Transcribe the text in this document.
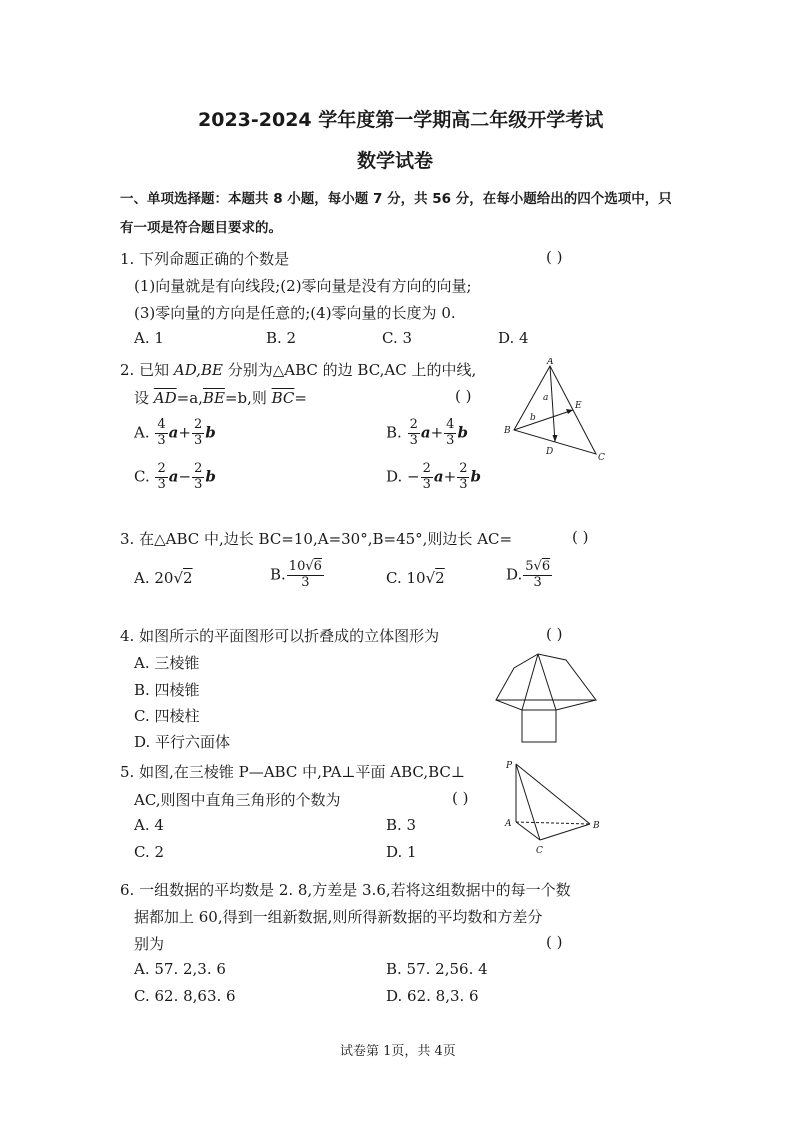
2023-2024 学年度第一学期高二年级开学考试
数学试卷
一、单项选择题：本题共 8 小题，每小题 7 分，共 56 分，在每小题给出的四个选项中，只
有一项是符合题目要求的。
1. 下列命题正确的个数是	( )
(1)向量就是有向线段;(2)零向量是没有方向的向量;
(3)零向量的方向是任意的;(4)零向量的长度为 0.
A. 1	B. 2	C. 3	D. 4
2. 已知 AD,BE 分别为△ABC 的边 BC,AC 上的中线,
设 $\overline{AD}=a,\overline{BE}=b$,则 $\overline{BC}=$	( )
A. $\frac{4}{3} a+ \frac{2}{3}$ b	B. $\frac{2}{3} a+ \frac{4}{3}$ b
C. $\frac{2}{3} a- \frac{2}{3}$ b	D. − $\frac{2}{3} a+ \frac{2}{3}$ b
A
B
C
D
E
a
b
3. 在△ABC 中,边长 BC=10,A=30°,B=45°,则边长 AC=	( )
A. 20√2	B. $\frac{10√6}{3}$	C. 10√2	D. $\frac{5√6}{3}$
4. 如图所示的平面图形可以折叠成的立体图形为	( )
A. 三棱锥
B. 四棱锥
C. 四棱柱
D. 平行六面体
5. 如图,在三棱锥 P—ABC 中,PA⊥平面 ABC,BC⊥
AC,则图中直角三角形的个数为	( )
A. 4	B. 3
C. 2	D. 1
P
A	B
C
6. 一组数据的平均数是 2. 8,方差是 3.6,若将这组数据中的每一个数
据都加上 60,得到一组新数据,则所得新数据的平均数和方差分
别为	( )
A. 57. 2,3. 6	B. 57. 2,56. 4
C. 62. 8,63. 6	D. 62. 8,3. 6
试卷第 1页，共 4页
